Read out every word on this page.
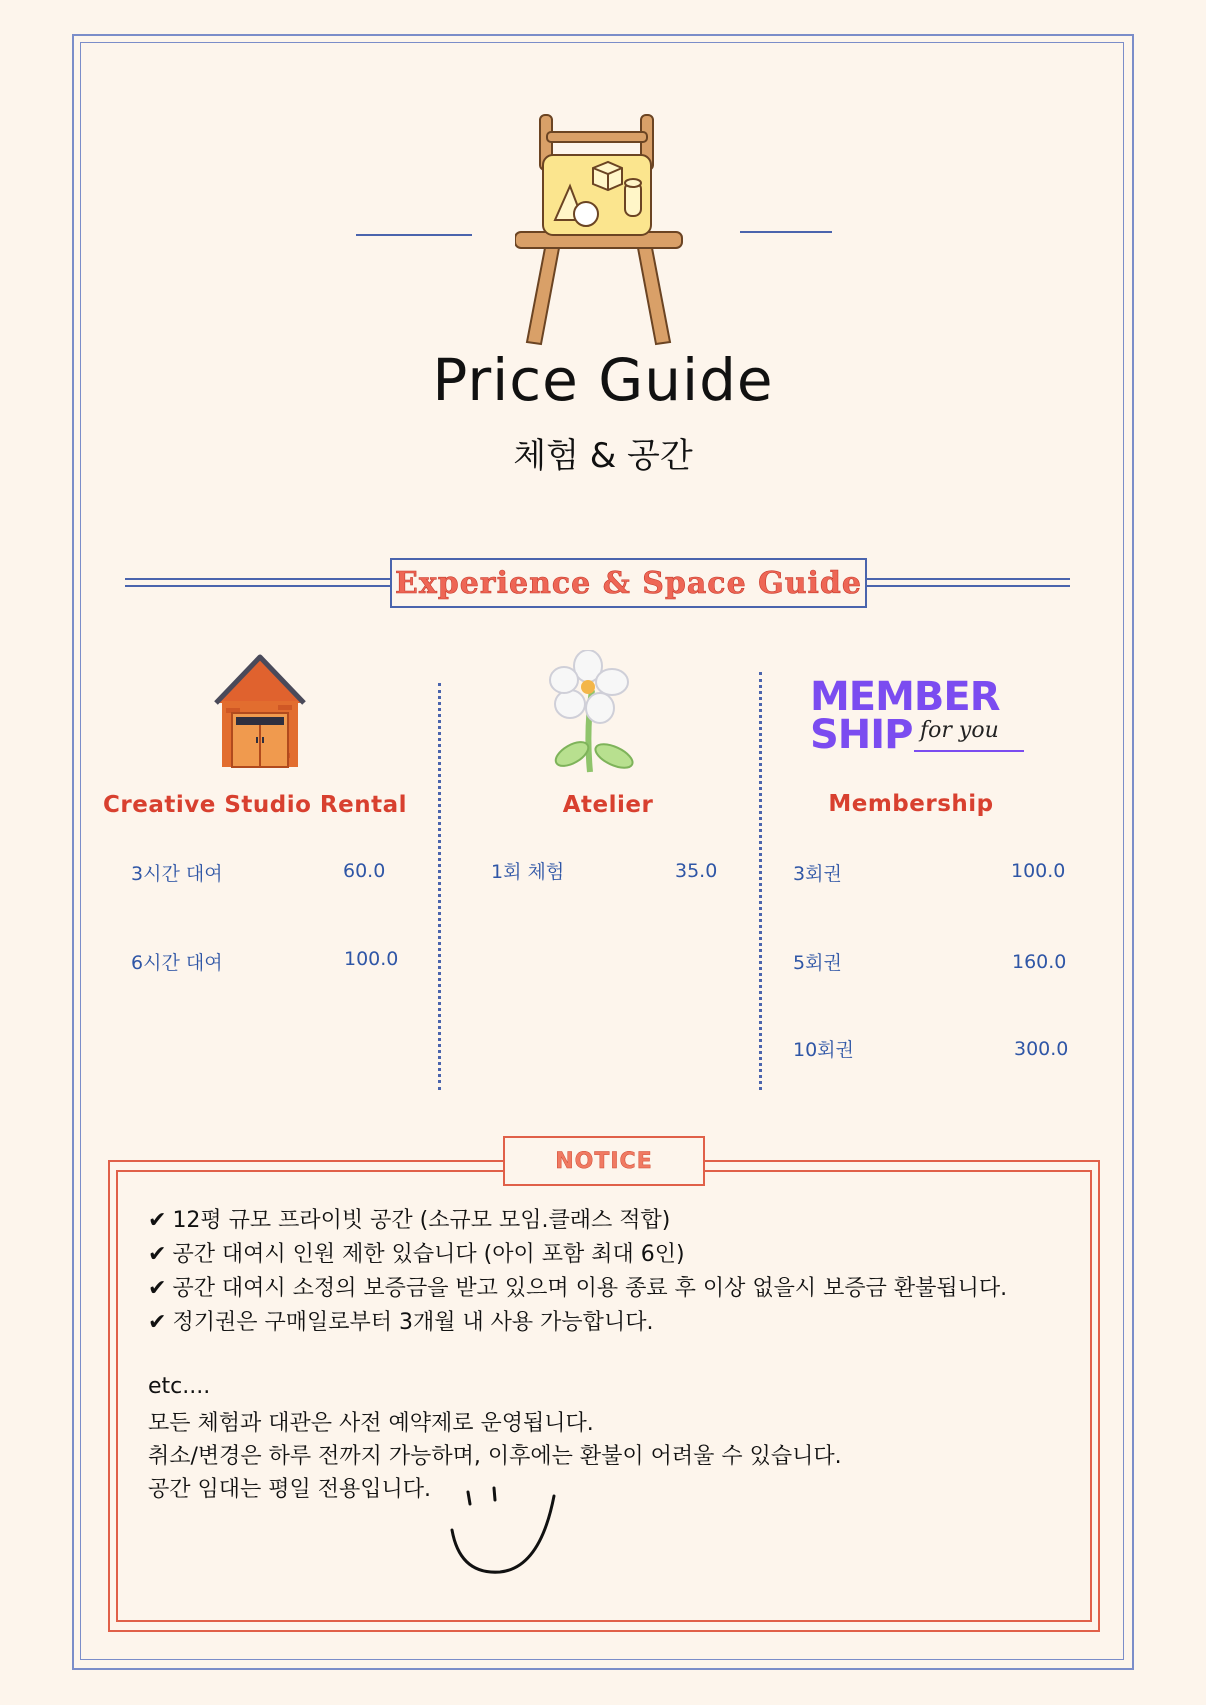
Price Guide
체험 & 공간
Experience & Space Guide
Creative Studio Rental
3시간 대여	60.0
6시간 대여	100.0
Atelier
1회 체험	35.0
MEMBER
SHIP for you
Membership
3회권	100.0
5회권	160.0
10회권	300.0
NOTICE
✔ 12평 규모 프라이빗 공간 (소규모 모임.클래스 적합)
✔ 공간 대여시 인원 제한 있습니다 (아이 포함 최대 6인)
✔ 공간 대여시 소정의 보증금을 받고 있으며 이용 종료 후 이상 없을시 보증금 환불됩니다.
✔ 정기권은 구매일로부터 3개월 내 사용 가능합니다.
etc....
모든 체험과 대관은 사전 예약제로 운영됩니다.
취소/변경은 하루 전까지 가능하며, 이후에는 환불이 어려울 수 있습니다.
공간 임대는 평일 전용입니다.
